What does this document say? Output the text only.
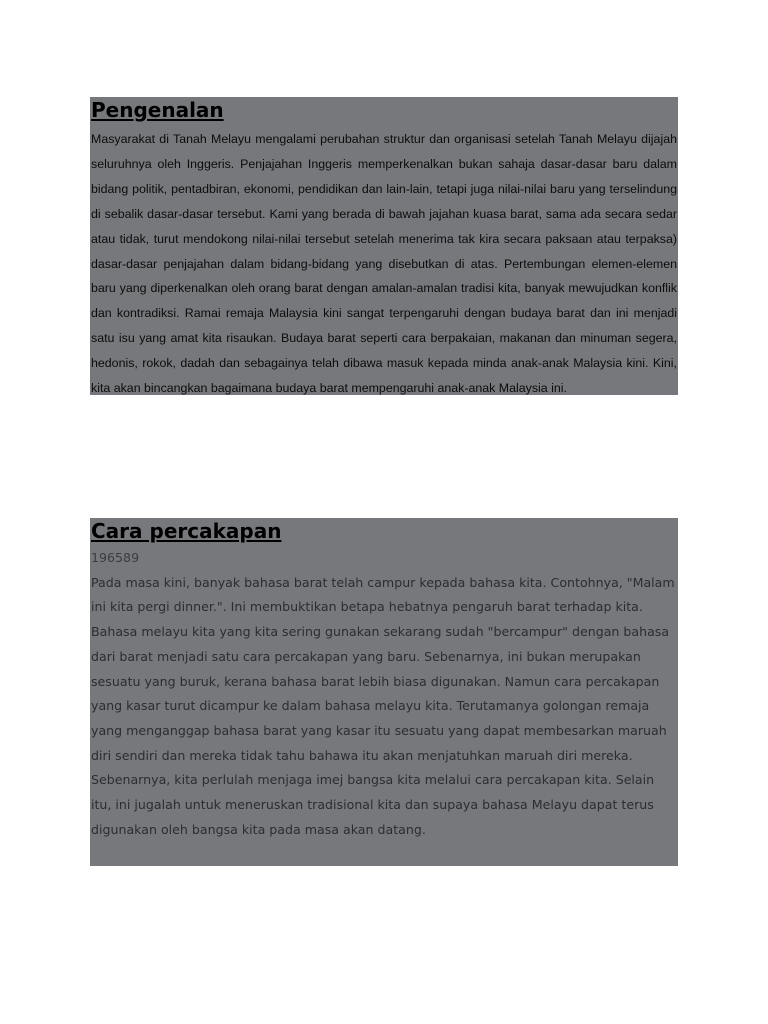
Pengenalan

Masyarakat di Tanah Melayu mengalami perubahan struktur dan organisasi setelah Tanah Melayu dijajah seluruhnya oleh Inggeris. Penjajahan Inggeris memperkenalkan bukan sahaja dasar-dasar baru dalam bidang politik, pentadbiran, ekonomi, pendidikan dan lain-lain, tetapi juga nilai-nilai baru yang terselindung di sebalik dasar-dasar tersebut. Kami yang berada di bawah jajahan kuasa barat, sama ada secara sedar atau tidak, turut mendokong nilai-nilai tersebut setelah menerima tak kira secara paksaan atau terpaksa) dasar-dasar penjajahan dalam bidang-bidang yang disebutkan di atas. Pertembungan elemen-elemen baru yang diperkenalkan oleh orang barat dengan amalan-amalan tradisi kita, banyak mewujudkan konflik dan kontradiksi. Ramai remaja Malaysia kini sangat terpengaruhi dengan budaya barat dan ini menjadi satu isu yang amat kita risaukan. Budaya barat seperti cara berpakaian, makanan dan minuman segera, hedonis, rokok, dadah dan sebagainya telah dibawa masuk kepada minda anak-anak Malaysia kini. Kini, kita akan bincangkan bagaimana budaya barat mempengaruhi anak-anak Malaysia ini.

Cara percakapan
196589

Pada masa kini, banyak bahasa barat telah campur kepada bahasa kita. Contohnya, "Malam ini kita pergi dinner.". Ini membuktikan betapa hebatnya pengaruh barat terhadap kita. Bahasa melayu kita yang kita sering gunakan sekarang sudah "bercampur" dengan bahasa dari barat menjadi satu cara percakapan yang baru. Sebenarnya, ini bukan merupakan sesuatu yang buruk, kerana bahasa barat lebih biasa digunakan. Namun cara percakapan yang kasar turut dicampur ke dalam bahasa melayu kita. Terutamanya golongan remaja yang menganggap bahasa barat yang kasar itu sesuatu yang dapat membesarkan maruah diri sendiri dan mereka tidak tahu bahawa itu akan menjatuhkan maruah diri mereka.

Sebenarnya, kita perlulah menjaga imej bangsa kita melalui cara percakapan kita. Selain itu, ini jugalah untuk meneruskan tradisional kita dan supaya bahasa Melayu dapat terus digunakan oleh bangsa kita pada masa akan datang.
